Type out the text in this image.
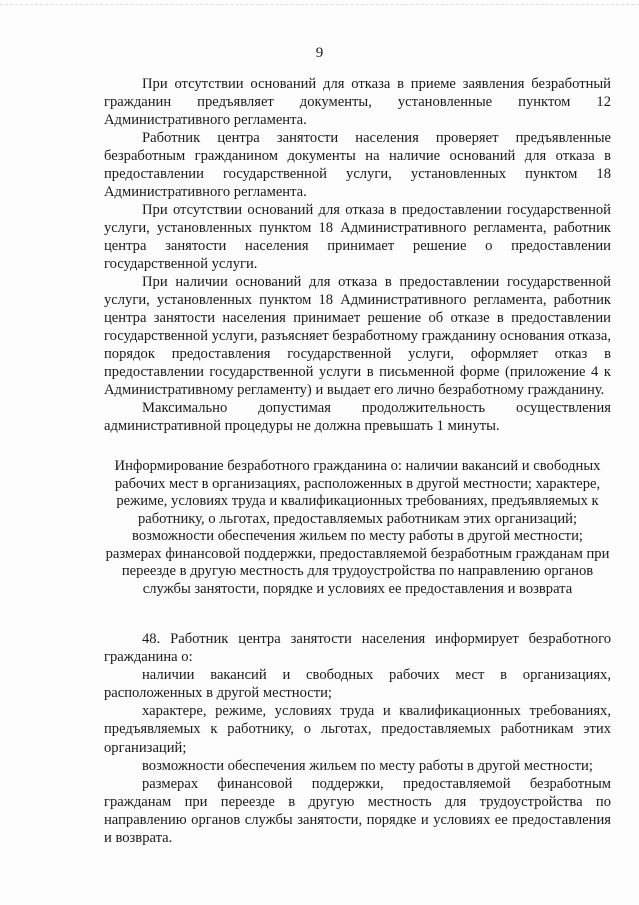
9

При отсутствии оснований для отказа в приеме заявления безработный гражданин предъявляет документы, установленные пунктом 12 Административного регламента.

Работник центра занятости населения проверяет предъявленные безработным гражданином документы на наличие оснований для отказа в предоставлении государственной услуги, установленных пунктом 18 Административного регламента.

При отсутствии оснований для отказа в предоставлении государственной услуги, установленных пунктом 18 Административного регламента, работник центра занятости населения принимает решение о предоставлении государственной услуги.

При наличии оснований для отказа в предоставлении государственной услуги, установленных пунктом 18 Административного регламента, работник центра занятости населения принимает решение об отказе в предоставлении государственной услуги, разъясняет безработному гражданину основания отказа, порядок предоставления государственной услуги, оформляет отказ в предоставлении государственной услуги в письменной форме (приложение 4 к Административному регламенту) и выдает его лично безработному гражданину.

Максимально допустимая продолжительность осуществления административной процедуры не должна превышать 1 минуты.

Информирование безработного гражданина о: наличии вакансий и свободных рабочих мест в организациях, расположенных в другой местности; характере, режиме, условиях труда и квалификационных требованиях, предъявляемых к работнику, о льготах, предоставляемых работникам этих организаций; возможности обеспечения жильем по месту работы в другой местности; размерах финансовой поддержки, предоставляемой безработным гражданам при переезде в другую местность для трудоустройства по направлению органов службы занятости, порядке и условиях ее предоставления и возврата

48. Работник центра занятости населения информирует безработного гражданина о:

наличии вакансий и свободных рабочих мест в организациях, расположенных в другой местности;

характере, режиме, условиях труда и квалификационных требованиях, предъявляемых к работнику, о льготах, предоставляемых работникам этих организаций;

возможности обеспечения жильем по месту работы в другой местности;

размерах финансовой поддержки, предоставляемой безработным гражданам при переезде в другую местность для трудоустройства по направлению органов службы занятости, порядке и условиях ее предоставления и возврата.
